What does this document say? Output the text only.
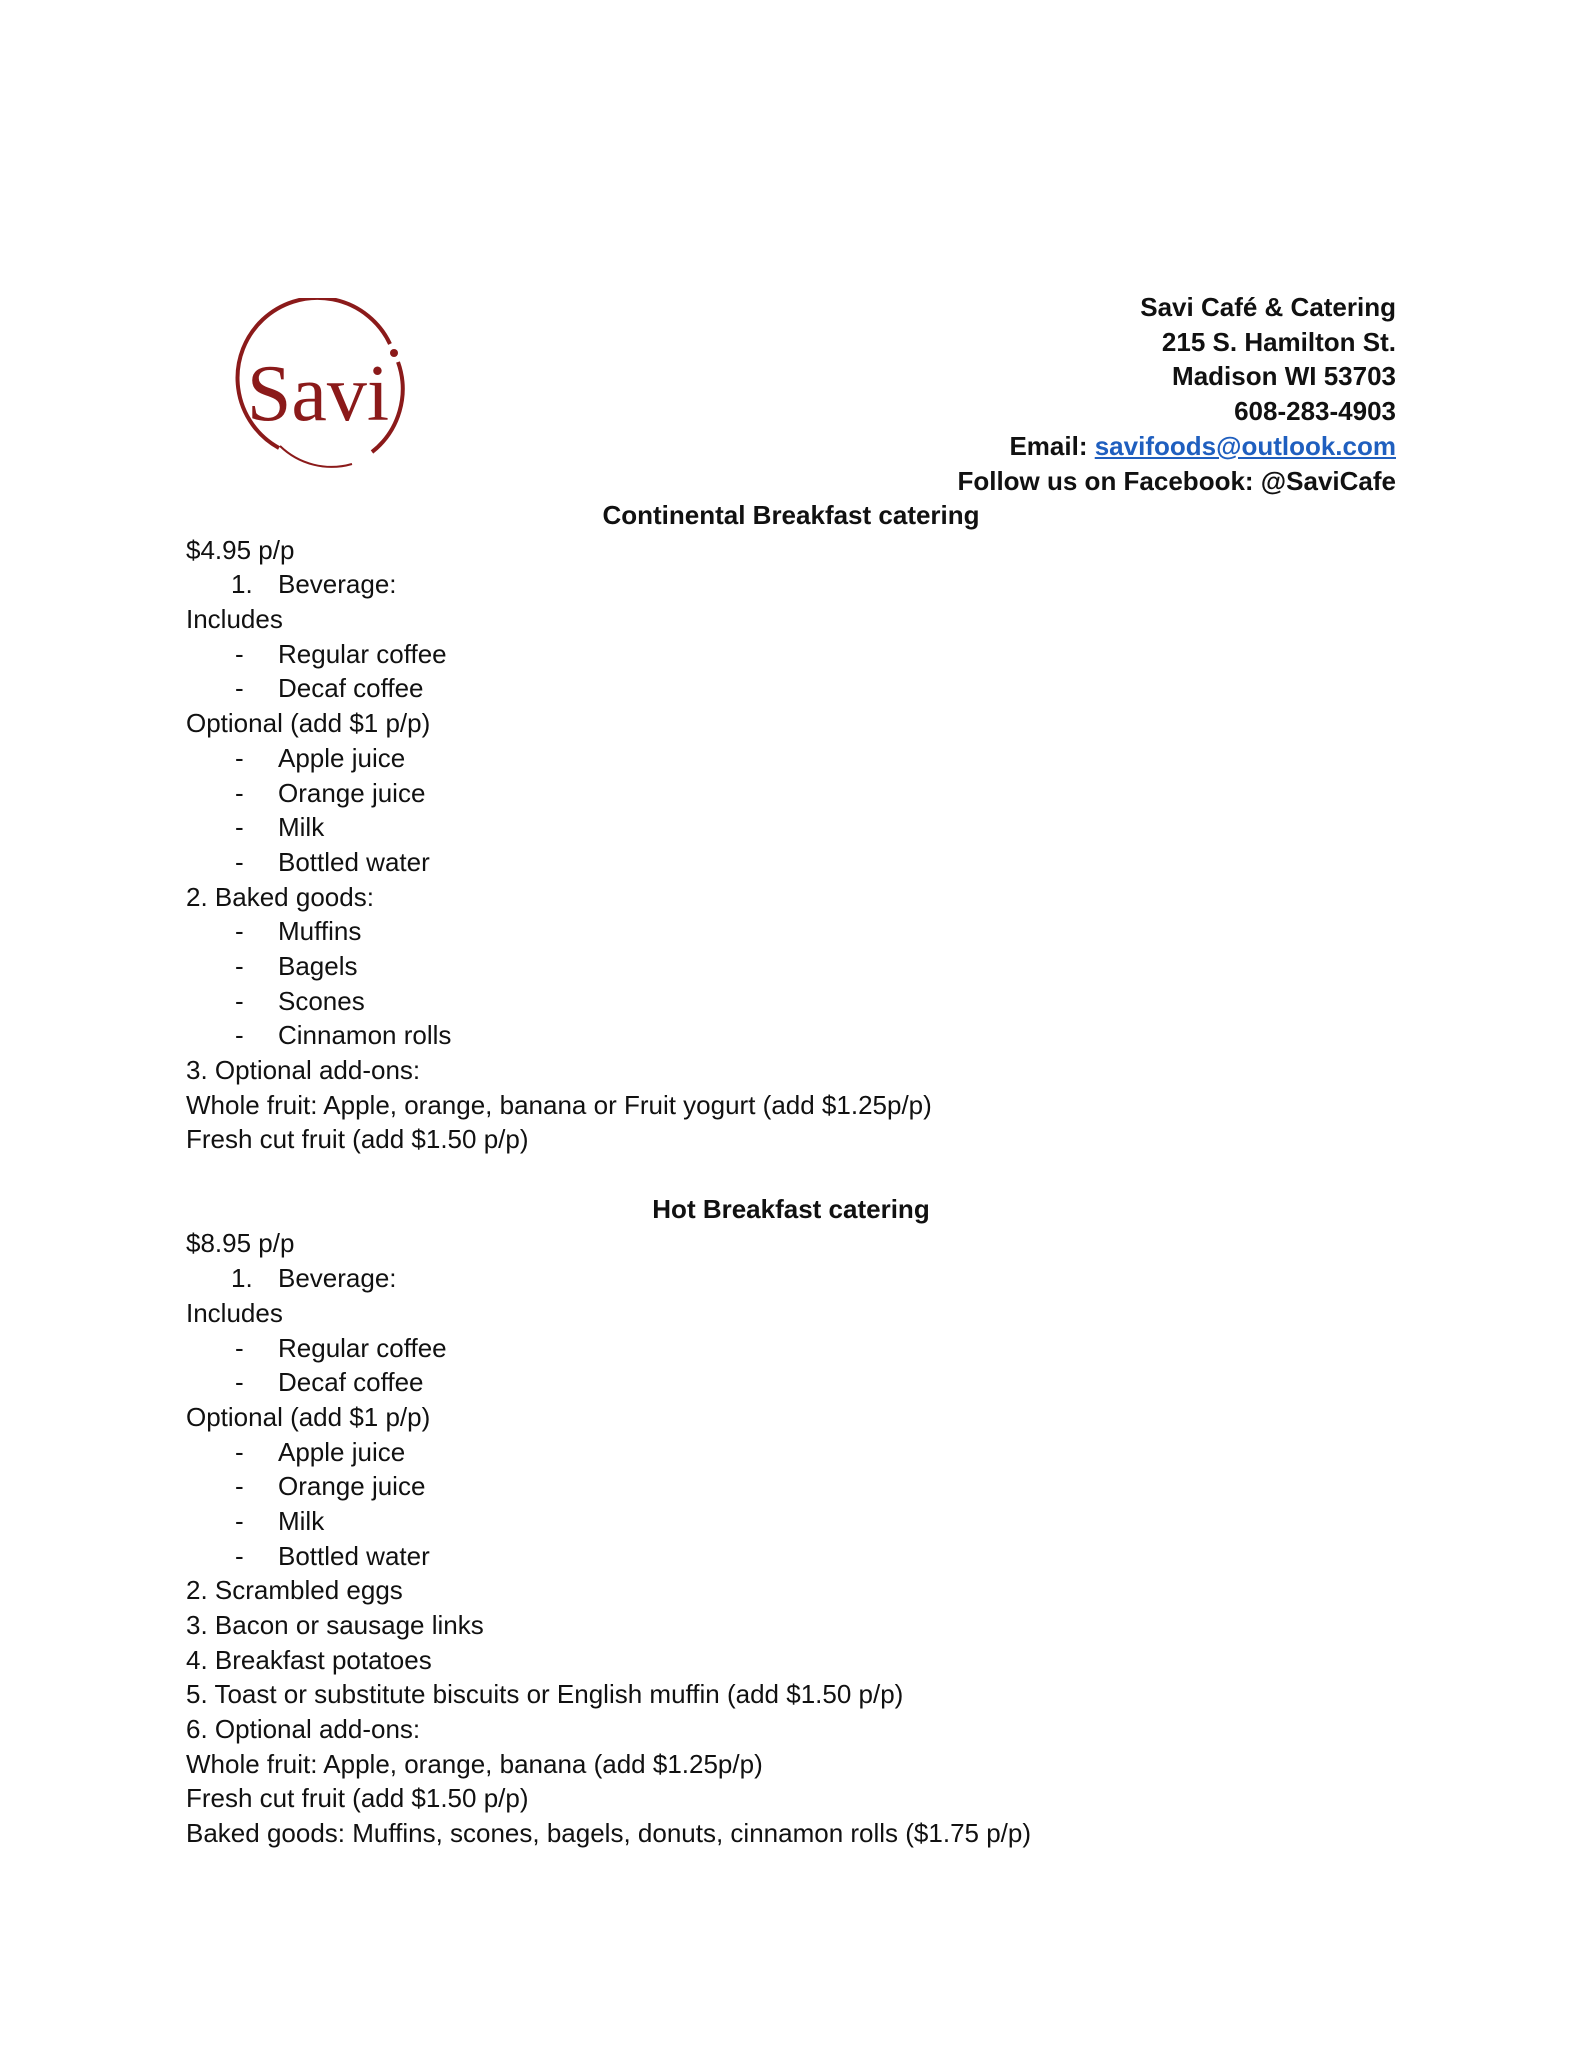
Savi
Savi Café & Catering
215 S. Hamilton St.
Madison WI 53703
608-283-4903
Email: savifoods@outlook.com
Follow us on Facebook: @SaviCafe
Continental Breakfast catering
$4.95 p/p
1. Beverage:
Includes
- Regular coffee
- Decaf coffee
Optional (add $1 p/p)
- Apple juice
- Orange juice
- Milk
- Bottled water
2. Baked goods:
- Muffins
- Bagels
- Scones
- Cinnamon rolls
3. Optional add-ons:
Whole fruit: Apple, orange, banana or Fruit yogurt (add $1.25p/p)
Fresh cut fruit (add $1.50 p/p)
Hot Breakfast catering
$8.95 p/p
1. Beverage:
Includes
- Regular coffee
- Decaf coffee
Optional (add $1 p/p)
- Apple juice
- Orange juice
- Milk
- Bottled water
2. Scrambled eggs
3. Bacon or sausage links
4. Breakfast potatoes
5. Toast or substitute biscuits or English muffin (add $1.50 p/p)
6. Optional add-ons:
Whole fruit: Apple, orange, banana (add $1.25p/p)
Fresh cut fruit (add $1.50 p/p)
Baked goods: Muffins, scones, bagels, donuts, cinnamon rolls ($1.75 p/p)
